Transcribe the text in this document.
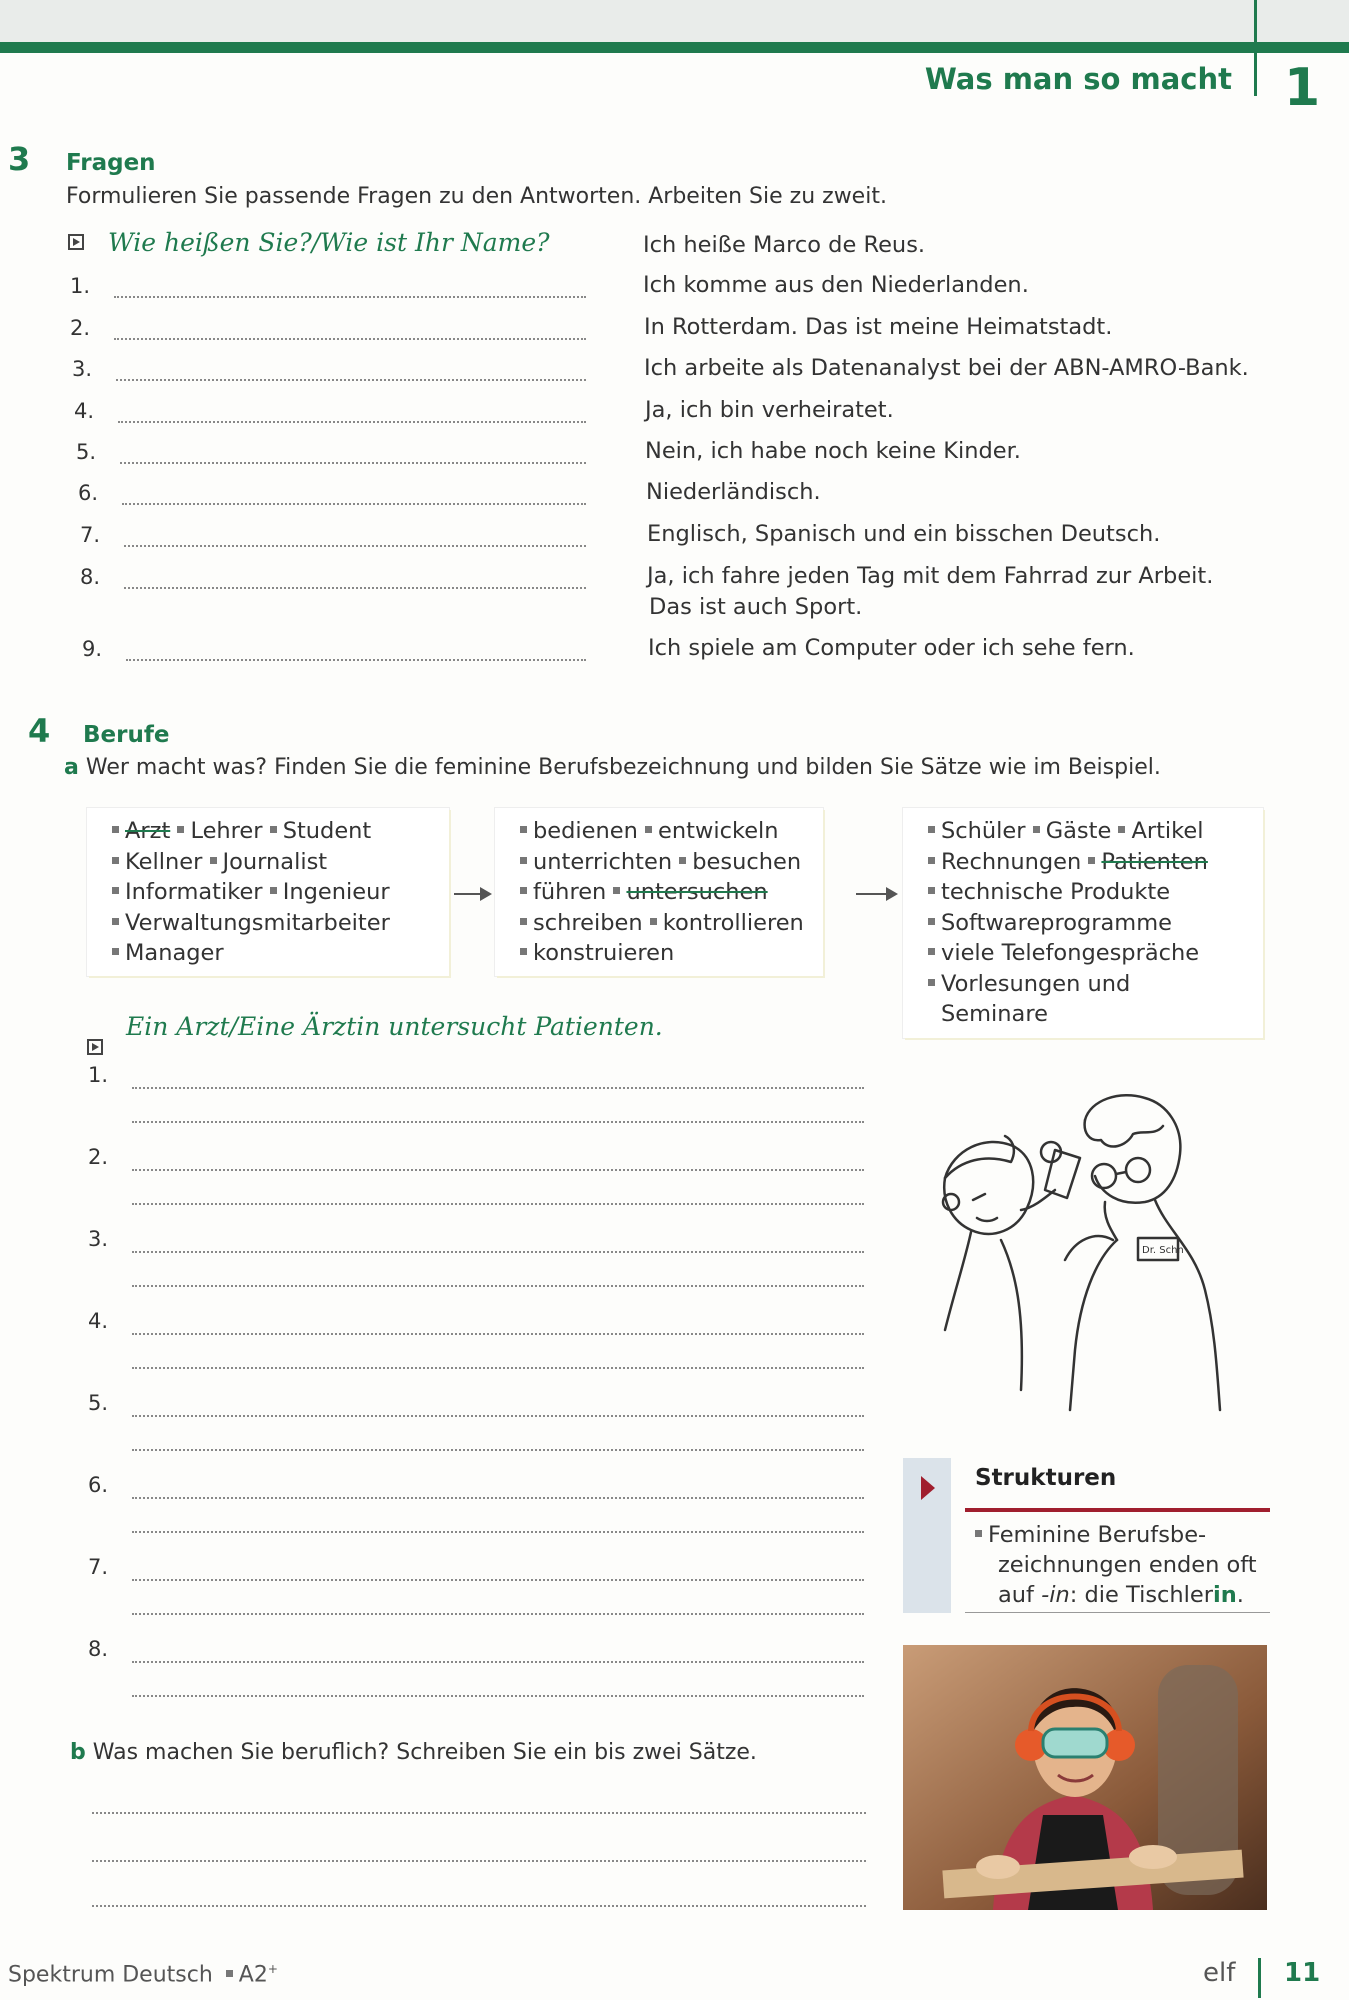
Was man so macht 1
3 Fragen
Formulieren Sie passende Fragen zu den Antworten. Arbeiten Sie zu zweit.
Wie heißen Sie?/Wie ist Ihr Name?	Ich heiße Marco de Reus.
1.	Ich komme aus den Niederlanden.
2.	In Rotterdam. Das ist meine Heimatstadt.
3.	Ich arbeite als Datenanalyst bei der ABN-AMRO-Bank.
4.	Ja, ich bin verheiratet.
5.	Nein, ich habe noch keine Kinder.
6.	Niederländisch.
7.	Englisch, Spanisch und ein bisschen Deutsch.
8.	Ja, ich fahre jeden Tag mit dem Fahrrad zur Arbeit.
Das ist auch Sport.
9.	Ich spiele am Computer oder ich sehe fern.
4 Berufe
a Wer macht was? Finden Sie die feminine Berufsbezeichnung und bilden Sie Sätze wie im Beispiel.
Arzt Lehrer Student
Kellner Journalist
Informatiker Ingenieur
Verwaltungsmitarbeiter
Manager
bedienen entwickeln
unterrichten besuchen
führen untersuchen
schreiben kontrollieren
konstruieren
Schüler Gäste Artikel
Rechnungen Patienten
technische Produkte
Softwareprogramme
viele Telefongespräche
Vorlesungen und
Seminare
Ein Arzt/Eine Ärztin untersucht Patienten.
1.
2.
3.
4.
5.
6.
7.
8.
Dr. Schn
Strukturen
Feminine Berufsbe-
zeichnungen enden oft
auf -in: die Tischlerin.
b Was machen Sie beruflich? Schreiben Sie ein bis zwei Sätze.
Spektrum Deutsch A2+	elf 11
